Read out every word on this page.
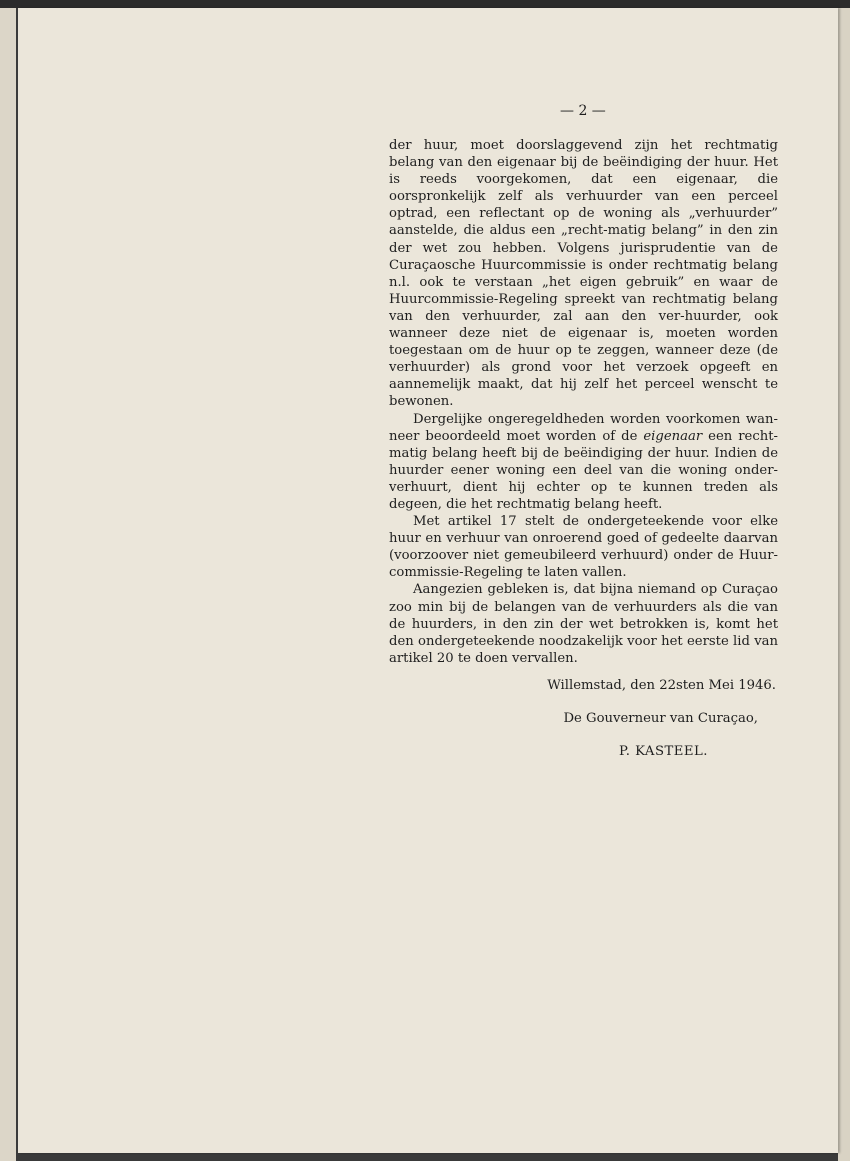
— 2 —

der huur, moet doorslaggevend zijn het rechtmatig belang van den eigenaar bij de beëindiging der huur. Het is reeds voorgekomen, dat een eigenaar, die oorspronkelijk zelf als verhuurder van een perceel optrad, een reflectant op de woning als „verhuurder” aanstelde, die aldus een „recht-matig belang” in den zin der wet zou hebben. Volgens jurisprudentie van de Curaçaosche Huurcommissie is onder rechtmatig belang n.l. ook te verstaan „het eigen gebruik” en waar de Huurcommissie-Regeling spreekt van rechtmatig belang van den verhuurder, zal aan den ver-huurder, ook wanneer deze niet de eigenaar is, moeten worden toegestaan om de huur op te zeggen, wanneer deze (de verhuurder) als grond voor het verzoek opgeeft en aannemelijk maakt, dat hij zelf het perceel wenscht te bewonen.

Dergelijke ongeregeldheden worden voorkomen wan-neer beoordeeld moet worden of de eigenaar een recht-matig belang heeft bij de beëindiging der huur. Indien de huurder eener woning een deel van die woning onder-verhuurt, dient hij echter op te kunnen treden als degeen, die het rechtmatig belang heeft.

Met artikel 17 stelt de ondergeteekende voor elke huur en verhuur van onroerend goed of gedeelte daarvan (voorzoover niet gemeubileerd verhuurd) onder de Huur-commissie-Regeling te laten vallen.

Aangezien gebleken is, dat bijna niemand op Curaçao zoo min bij de belangen van de verhuurders als die van de huurders, in den zin der wet betrokken is, komt het den ondergeteekende noodzakelijk voor het eerste lid van artikel 20 te doen vervallen.

Willemstad, den 22sten Mei 1946.
De Gouverneur van Curaçao,
P. KASTEEL.
